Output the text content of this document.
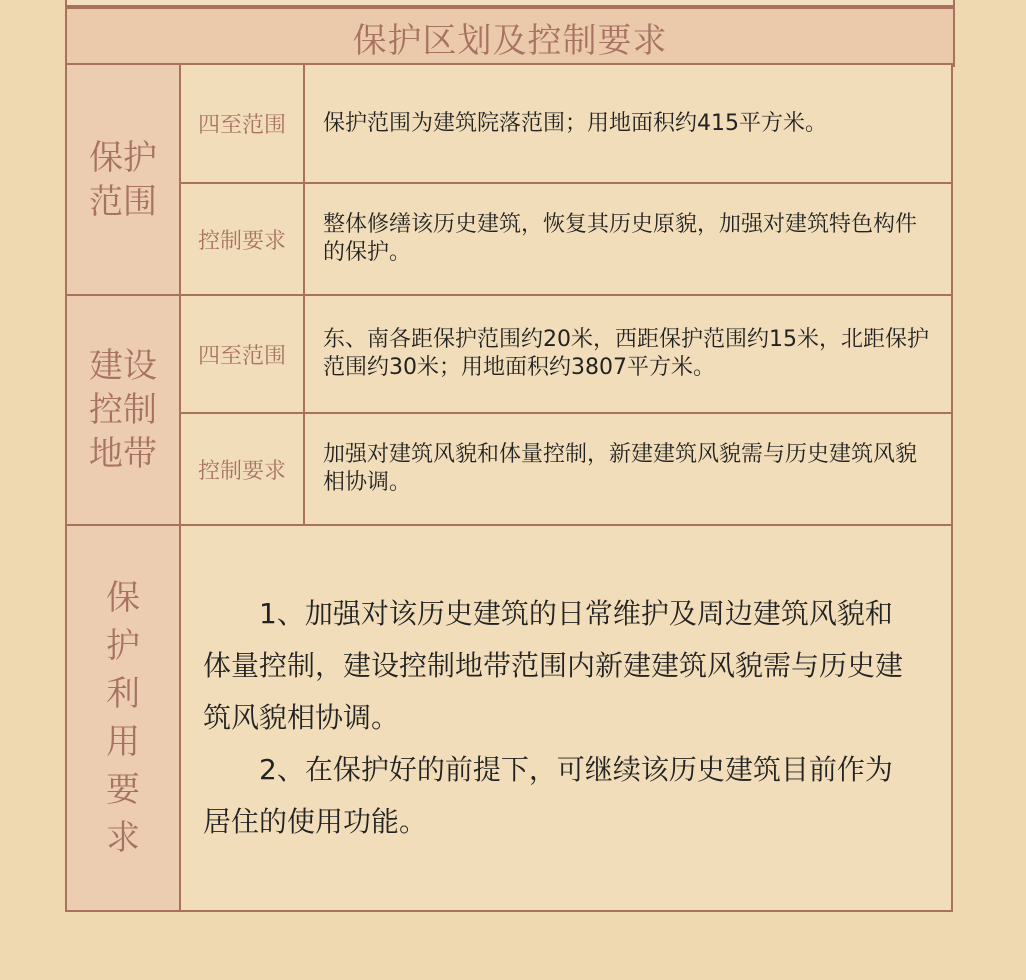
保护区划及控制要求
保护范围
四至范围	保护范围为建筑院落范围；用地面积约415平方米。

控制要求

整体修缮该历史建筑，恢复其历史原貌，加强对建筑特色构件的保护。

建设控制地带
四至范围

东、南各距保护范围约20米，西距保护范围约15米，北距保护范围约30米；用地面积约3807平方米。

控制要求

加强对建筑风貌和体量控制，新建建筑风貌需与历史建筑风貌相协调。

保护利用要求

1、加强对该历史建筑的日常维护及周边建筑风貌和体量控制，建设控制地带范围内新建建筑风貌需与历史建筑风貌相协调。

2、在保护好的前提下，可继续该历史建筑目前作为居住的使用功能。
